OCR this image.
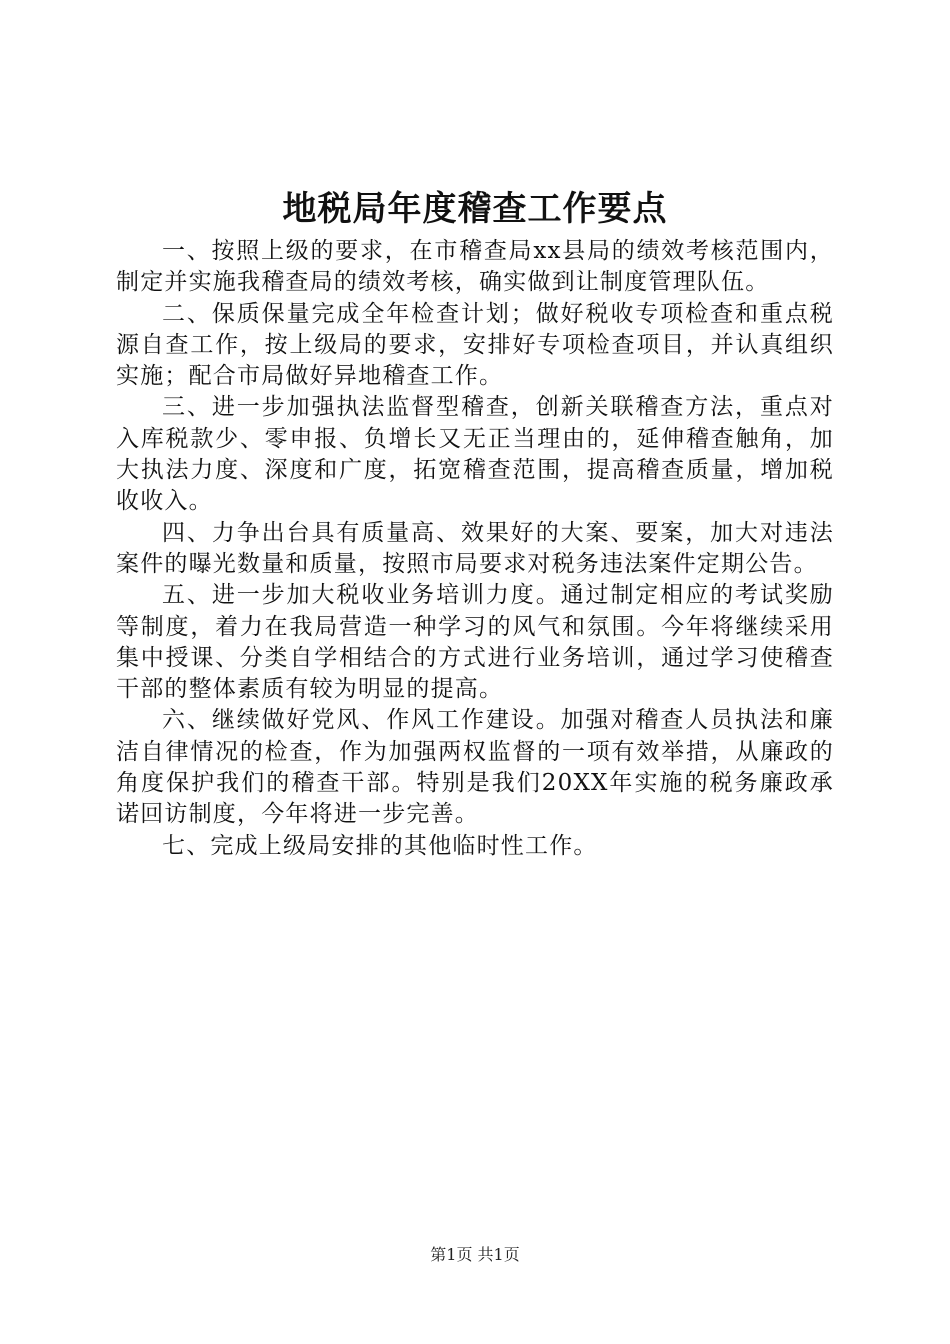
地税局年度稽查工作要点

一、按照上级的要求，在市稽查局xx县局的绩效考核范围内，制定并实施我稽查局的绩效考核，确实做到让制度管理队伍。

二、保质保量完成全年检查计划；做好税收专项检查和重点税源自查工作，按上级局的要求，安排好专项检查项目，并认真组织实施；配合市局做好异地稽查工作。

三、进一步加强执法监督型稽查，创新关联稽查方法，重点对入库税款少、零申报、负增长又无正当理由的，延伸稽查触角，加大执法力度、深度和广度，拓宽稽查范围，提高稽查质量，增加税收收入。

四、力争出台具有质量高、效果好的大案、要案，加大对违法案件的曝光数量和质量，按照市局要求对税务违法案件定期公告。

五、进一步加大税收业务培训力度。通过制定相应的考试奖励等制度，着力在我局营造一种学习的风气和氛围。今年将继续采用集中授课、分类自学相结合的方式进行业务培训，通过学习使稽查干部的整体素质有较为明显的提高。

六、继续做好党风、作风工作建设。加强对稽查人员执法和廉洁自律情况的检查，作为加强两权监督的一项有效举措，从廉政的角度保护我们的稽查干部。特别是我们20XX年实施的税务廉政承诺回访制度，今年将进一步完善。

七、完成上级局安排的其他临时性工作。

第1页 共1页
